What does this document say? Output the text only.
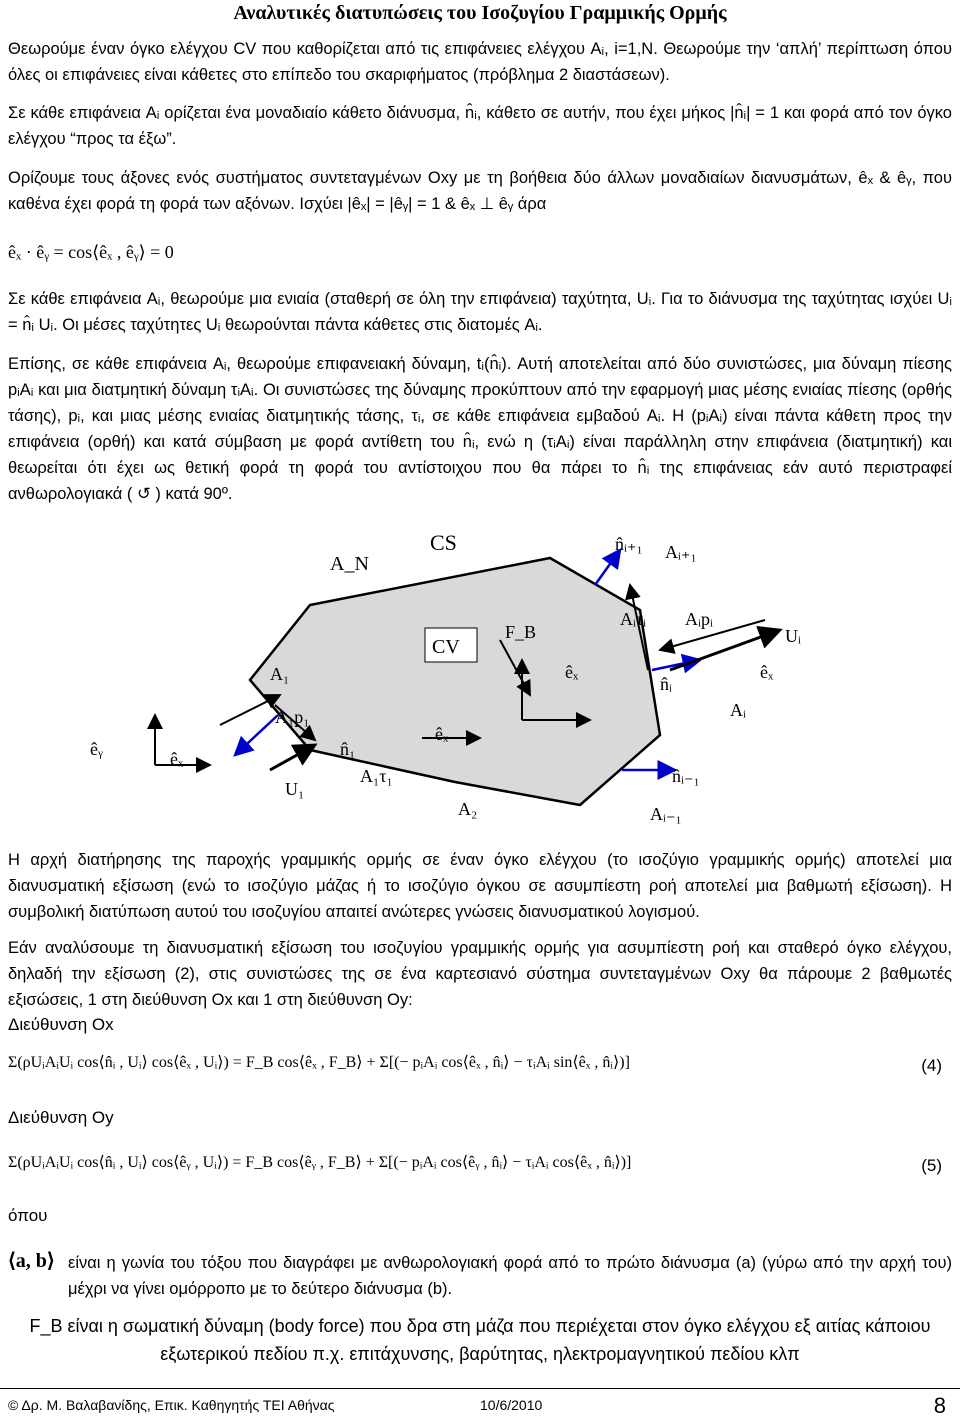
Αναλυτικές διατυπώσεις του Ισοζυγίου Γραμμικής Ορμής
Θεωρούμε έναν όγκο ελέγχου CV που καθορίζεται από τις επιφάνειες ελέγχου Aᵢ, i=1,N. Θεωρούμε την ‘απλή’ περίπτωση όπου όλες οι επιφάνειες είναι κάθετες στο επίπεδο του σκαριφήματος (πρόβλημα 2 διαστάσεων).
Σε κάθε επιφάνεια Aᵢ ορίζεται ένα μοναδιαίο κάθετο διάνυσμα, n̂ᵢ, κάθετο σε αυτήν, που έχει μήκος |n̂ᵢ| = 1 και φορά από τον όγκο ελέγχου “προς τα έξω”.
Ορίζουμε τους άξονες ενός συστήματος συντεταγμένων Oxy με τη βοήθεια δύο άλλων μοναδιαίων διανυσμάτων, êₓ & êᵧ, που καθένα έχει φορά τη φορά των αξόνων. Ισχύει |êₓ| = |êᵧ| = 1 & êₓ ⊥ êᵧ άρα
êₓ · êᵧ = cos⟨êₓ , êᵧ⟩ = 0
Σε κάθε επιφάνεια Aᵢ, θεωρούμε μια ενιαία (σταθερή σε όλη την επιφάνεια) ταχύτητα, Uᵢ. Για το διάνυσμα της ταχύτητας ισχύει Uᵢ = n̂ᵢ Uᵢ. Οι μέσες ταχύτητες Uᵢ θεωρούνται πάντα κάθετες στις διατομές Aᵢ.
Επίσης, σε κάθε επιφάνεια Aᵢ, θεωρούμε επιφανειακή δύναμη, tᵢ(n̂ᵢ). Αυτή αποτελείται από δύο συνιστώσες, μια δύναμη πίεσης pᵢAᵢ και μια διατμητική δύναμη τᵢAᵢ. Οι συνιστώσες της δύναμης προκύπτουν από την εφαρμογή μιας μέσης ενιαίας πίεσης (ορθής τάσης), pᵢ, και μιας μέσης ενιαίας διατμητικής τάσης, τᵢ, σε κάθε επιφάνεια εμβαδού Aᵢ. Η (pᵢAᵢ) είναι πάντα κάθετη προς την επιφάνεια (ορθή) και κατά σύμβαση με φορά αντίθετη του n̂ᵢ, ενώ η (τᵢAᵢ) είναι παράλληλη στην επιφάνεια (διατμητική) και θεωρείται ότι έχει ως θετική φορά τη φορά του αντίστοιχου που θα πάρει το n̂ᵢ της επιφάνειας εάν αυτό περιστραφεί ανθωρολογιακά ( ↺ ) κατά 90º.
A_N
CS
CV
n̂ᵢ₊₁ Aᵢ₊₁
Aᵢτᵢ Aᵢpᵢ
Uᵢ
F_B
A₁
A₁p₁
êₓ	êₓ
n̂ᵢ
Aᵢ
êₓ
êᵧ	êₓ	n̂₁
A₁τ₁
U₁
A₂
n̂ᵢ₋₁
Aᵢ₋₁
Η αρχή διατήρησης της παροχής γραμμικής ορμής σε έναν όγκο ελέγχου (το ισοζύγιο γραμμικής ορμής) αποτελεί μια διανυσματική εξίσωση (ενώ το ισοζύγιο μάζας ή το ισοζύγιο όγκου σε ασυμπίεστη ροή αποτελεί μια βαθμωτή εξίσωση). Η συμβολική διατύπωση αυτού του ισοζυγίου απαιτεί ανώτερες γνώσεις διανυσματικού λογισμού.
Εάν αναλύσουμε τη διανυσματική εξίσωση του ισοζυγίου γραμμικής ορμής για ασυμπίεστη ροή και σταθερό όγκο ελέγχου, δηλαδή την εξίσωση (2), στις συνιστώσες της σε ένα καρτεσιανό σύστημα συντεταγμένων Oxy θα πάρουμε 2 βαθμωτές εξισώσεις, 1 στη διεύθυνση Ox και 1 στη διεύθυνση Oy:
Διεύθυνση Ox
Σ(ρUᵢAᵢUᵢ cos⟨n̂ᵢ , Uᵢ⟩ cos⟨êₓ , Uᵢ⟩) = F_B cos⟨êₓ , F_B⟩ + Σ[(− pᵢAᵢ cos⟨êₓ , n̂ᵢ⟩ − τᵢAᵢ sin⟨êₓ , n̂ᵢ⟩)]	(4)
Διεύθυνση Oy
Σ(ρUᵢAᵢUᵢ cos⟨n̂ᵢ , Uᵢ⟩ cos⟨êᵧ , Uᵢ⟩) = F_B cos⟨êᵧ , F_B⟩ + Σ[(− pᵢAᵢ cos⟨êᵧ , n̂ᵢ⟩ − τᵢAᵢ cos⟨êₓ , n̂ᵢ⟩)]	(5)
όπου
⟨a, b⟩ είναι η γωνία του τόξου που διαγράφει με ανθωρολογιακή φορά από το πρώτο διάνυσμα (a) (γύρω από την αρχή του) μέχρι να γίνει ομόρροπο με το δεύτερο διάνυσμα (b).
F_B είναι η σωματική δύναμη (body force) που δρα στη μάζα που περιέχεται στον όγκο ελέγχου εξ αιτίας κάποιου εξωτερικού πεδίου π.χ. επιτάχυνσης, βαρύτητας, ηλεκτρομαγνητικού πεδίου κλπ
© Δρ. Μ. Βαλαβανίδης, Επικ. Καθηγητής ΤΕΙ Αθήνας	10/6/2010	8
